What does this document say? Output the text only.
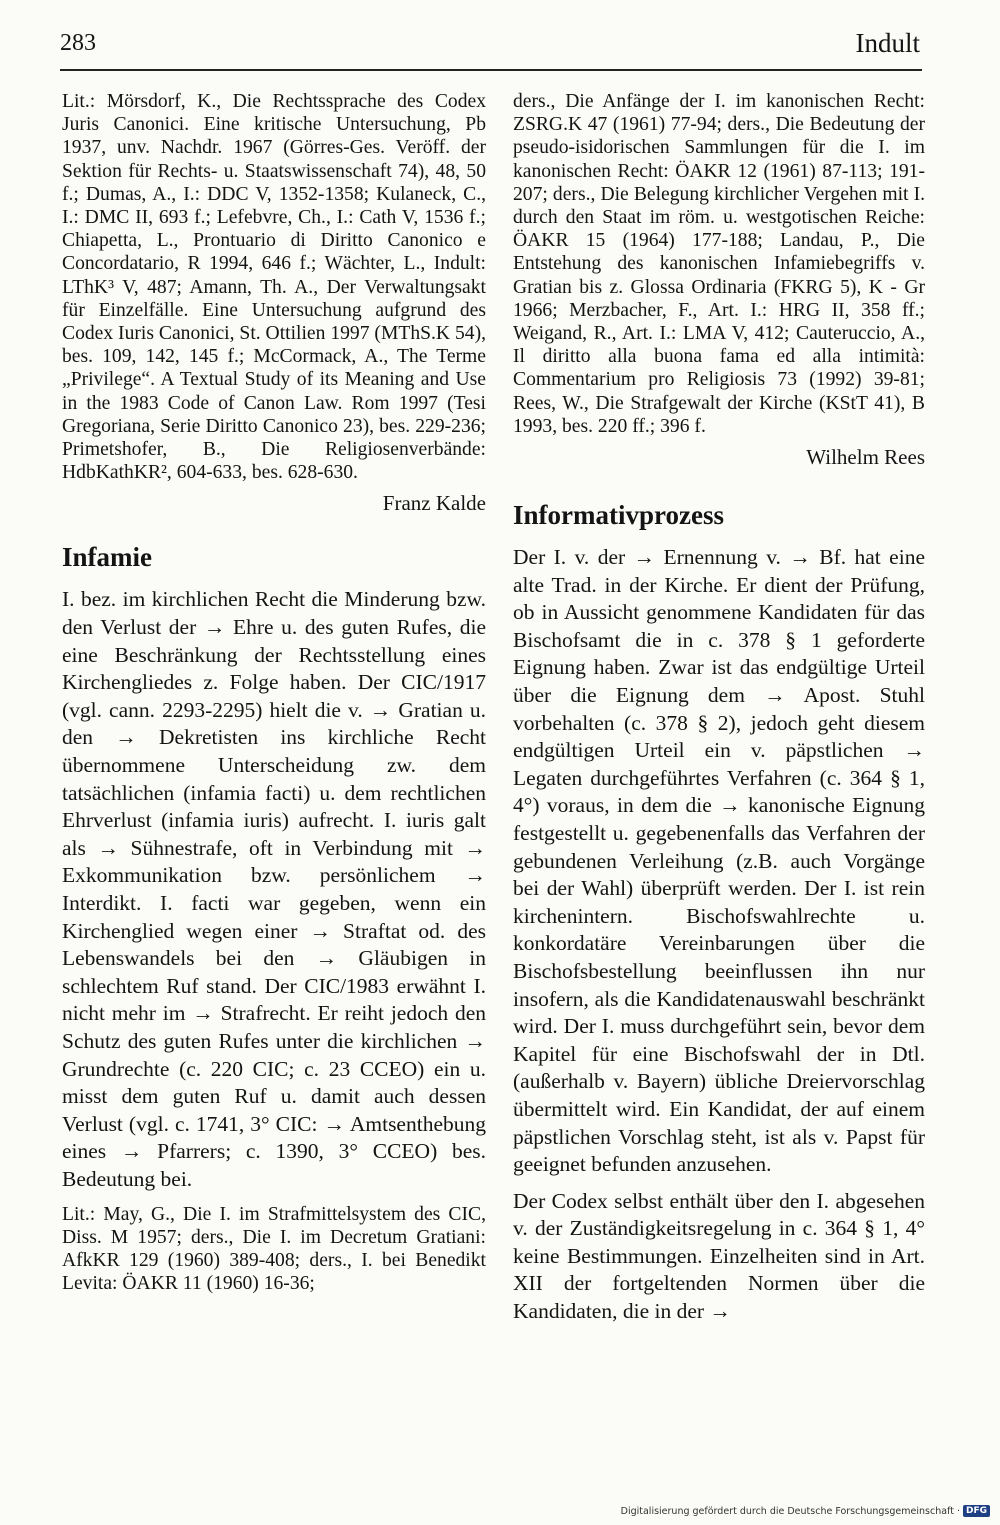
283	Indult

Lit.: Mörsdorf, K., Die Rechtssprache des Codex Juris Canonici. Eine kritische Untersuchung, Pb 1937, unv. Nachdr. 1967 (Görres-Ges. Veröff. der Sektion für Rechts- u. Staatswissenschaft 74), 48, 50 f.; Dumas, A., I.: DDC V, 1352-1358; Kulaneck, C., I.: DMC II, 693 f.; Lefebvre, Ch., I.: Cath V, 1536 f.; Chiapetta, L., Prontuario di Diritto Canonico e Concordatario, R 1994, 646 f.; Wächter, L., Indult: LThK³ V, 487; Amann, Th. A., Der Verwaltungsakt für Einzelfälle. Eine Untersuchung aufgrund des Codex Iuris Canonici, St. Ottilien 1997 (MThS.K 54), bes. 109, 142, 145 f.; McCormack, A., The Terme „Privilege“. A Textual Study of its Meaning and Use in the 1983 Code of Canon Law. Rom 1997 (Tesi Gregoriana, Serie Diritto Canonico 23), bes. 229-236; Primetshofer, B., Die Religiosenverbände: HdbKathKR², 604-633, bes. 628-630.

Franz Kalde
Infamie

I. bez. im kirchlichen Recht die Minderung bzw. den Verlust der → Ehre u. des guten Rufes, die eine Beschränkung der Rechtsstellung eines Kirchengliedes z. Folge haben. Der CIC/1917 (vgl. cann. 2293-2295) hielt die v. → Gratian u. den → Dekretisten ins kirchliche Recht übernommene Unterscheidung zw. dem tatsächlichen (infamia facti) u. dem rechtlichen Ehrverlust (infamia iuris) aufrecht. I. iuris galt als → Sühnestrafe, oft in Verbindung mit → Exkommunikation bzw. persönlichem → Interdikt. I. facti war gegeben, wenn ein Kirchenglied wegen einer → Straftat od. des Lebenswandels bei den → Gläubigen in schlechtem Ruf stand. Der CIC/1983 erwähnt I. nicht mehr im → Strafrecht. Er reiht jedoch den Schutz des guten Rufes unter die kirchlichen → Grundrechte (c. 220 CIC; c. 23 CCEO) ein u. misst dem guten Ruf u. damit auch dessen Verlust (vgl. c. 1741, 3° CIC: → Amtsenthebung eines → Pfarrers; c. 1390, 3° CCEO) bes. Bedeutung bei.

Lit.: May, G., Die I. im Strafmittelsystem des CIC, Diss. M 1957; ders., Die I. im Decretum Gratiani: AfkKR 129 (1960) 389-408; ders., I. bei Benedikt Levita: ÖAKR 11 (1960) 16-36;

ders., Die Anfänge der I. im kanonischen Recht: ZSRG.K 47 (1961) 77-94; ders., Die Bedeutung der pseudo-isidorischen Sammlungen für die I. im kanonischen Recht: ÖAKR 12 (1961) 87-113; 191-207; ders., Die Belegung kirchlicher Vergehen mit I. durch den Staat im röm. u. westgotischen Reiche: ÖAKR 15 (1964) 177-188; Landau, P., Die Entstehung des kanonischen Infamiebegriffs v. Gratian bis z. Glossa Ordinaria (FKRG 5), K - Gr 1966; Merzbacher, F., Art. I.: HRG II, 358 ff.; Weigand, R., Art. I.: LMA V, 412; Cauteruccio, A., Il diritto alla buona fama ed alla intimità: Commentarium pro Religiosis 73 (1992) 39-81; Rees, W., Die Strafgewalt der Kirche (KStT 41), B 1993, bes. 220 ff.; 396 f.

Wilhelm Rees
Informativprozess

Der I. v. der → Ernennung v. → Bf. hat eine alte Trad. in der Kirche. Er dient der Prüfung, ob in Aussicht genommene Kandidaten für das Bischofsamt die in c. 378 § 1 geforderte Eignung haben. Zwar ist das endgültige Urteil über die Eignung dem → Apost. Stuhl vorbehalten (c. 378 § 2), jedoch geht diesem endgültigen Urteil ein v. päpstlichen → Legaten durchgeführtes Verfahren (c. 364 § 1, 4°) voraus, in dem die → kanonische Eignung festgestellt u. gegebenenfalls das Verfahren der gebundenen Verleihung (z.B. auch Vorgänge bei der Wahl) überprüft werden. Der I. ist rein kirchenintern. Bischofswahlrechte u. konkordatäre Vereinbarungen über die Bischofsbestellung beeinflussen ihn nur insofern, als die Kandidatenauswahl beschränkt wird. Der I. muss durchgeführt sein, bevor dem Kapitel für eine Bischofswahl der in Dtl. (außerhalb v. Bayern) übliche Dreiervorschlag übermittelt wird. Ein Kandidat, der auf einem päpstlichen Vorschlag steht, ist als v. Papst für geeignet befunden anzusehen.

Der Codex selbst enthält über den I. abgesehen v. der Zuständigkeitsregelung in c. 364 § 1, 4° keine Bestimmungen. Einzelheiten sind in Art. XII der fortgeltenden Normen über die Kandidaten, die in der →

Digitalisierung gefördert durch die Deutsche Forschungsgemeinschaft · DFG
